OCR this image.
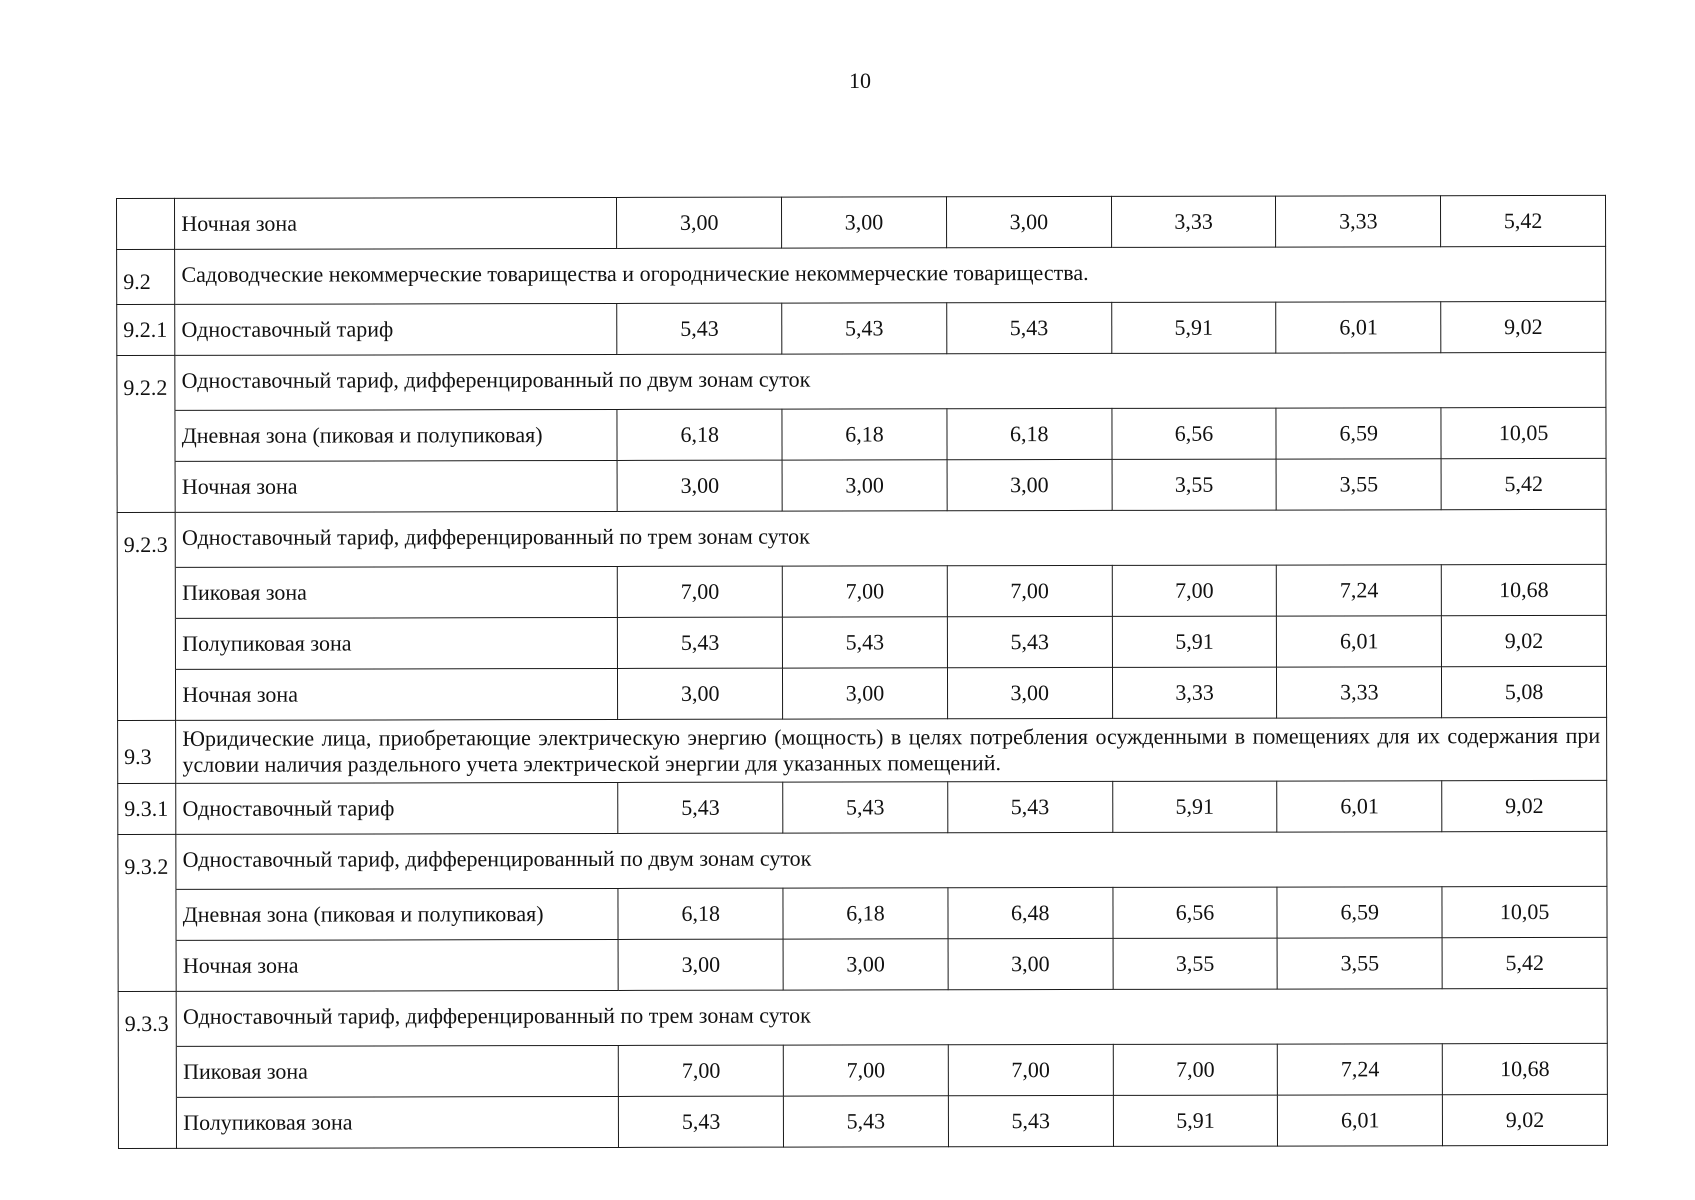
10
	Ночная зона	3,00	3,00	3,00	3,33	3,33	5,42
9.2	Садоводческие некоммерческие товарищества и огороднические некоммерческие товарищества.						
9.2.1	Одноставочный тариф	5,43	5,43	5,43	5,91	6,01	9,02
9.2.2	Одноставочный тариф, дифференцированный по двум зонам суток						
	Дневная зона (пиковая и полупиковая)	6,18	6,18	6,18	6,56	6,59	10,05
	Ночная зона	3,00	3,00	3,00	3,55	3,55	5,42
9.2.3	Одноставочный тариф, дифференцированный по трем зонам суток						
	Пиковая зона	7,00	7,00	7,00	7,00	7,24	10,68
	Полупиковая зона	5,43	5,43	5,43	5,91	6,01	9,02
	Ночная зона	3,00	3,00	3,00	3,33	3,33	5,08
9.3	Юридические лица, приобретающие электрическую энергию (мощность) в целях потребления осужденными в помещениях для их содержания при условии наличия раздельного учета электрической энергии для указанных помещений.						
9.3.1	Одноставочный тариф	5,43	5,43	5,43	5,91	6,01	9,02
9.3.2	Одноставочный тариф, дифференцированный по двум зонам суток						
	Дневная зона (пиковая и полупиковая)	6,18	6,18	6,48	6,56	6,59	10,05
	Ночная зона	3,00	3,00	3,00	3,55	3,55	5,42
9.3.3	Одноставочный тариф, дифференцированный по трем зонам суток						
	Пиковая зона	7,00	7,00	7,00	7,00	7,24	10,68
	Полупиковая зона	5,43	5,43	5,43	5,91	6,01	9,02
